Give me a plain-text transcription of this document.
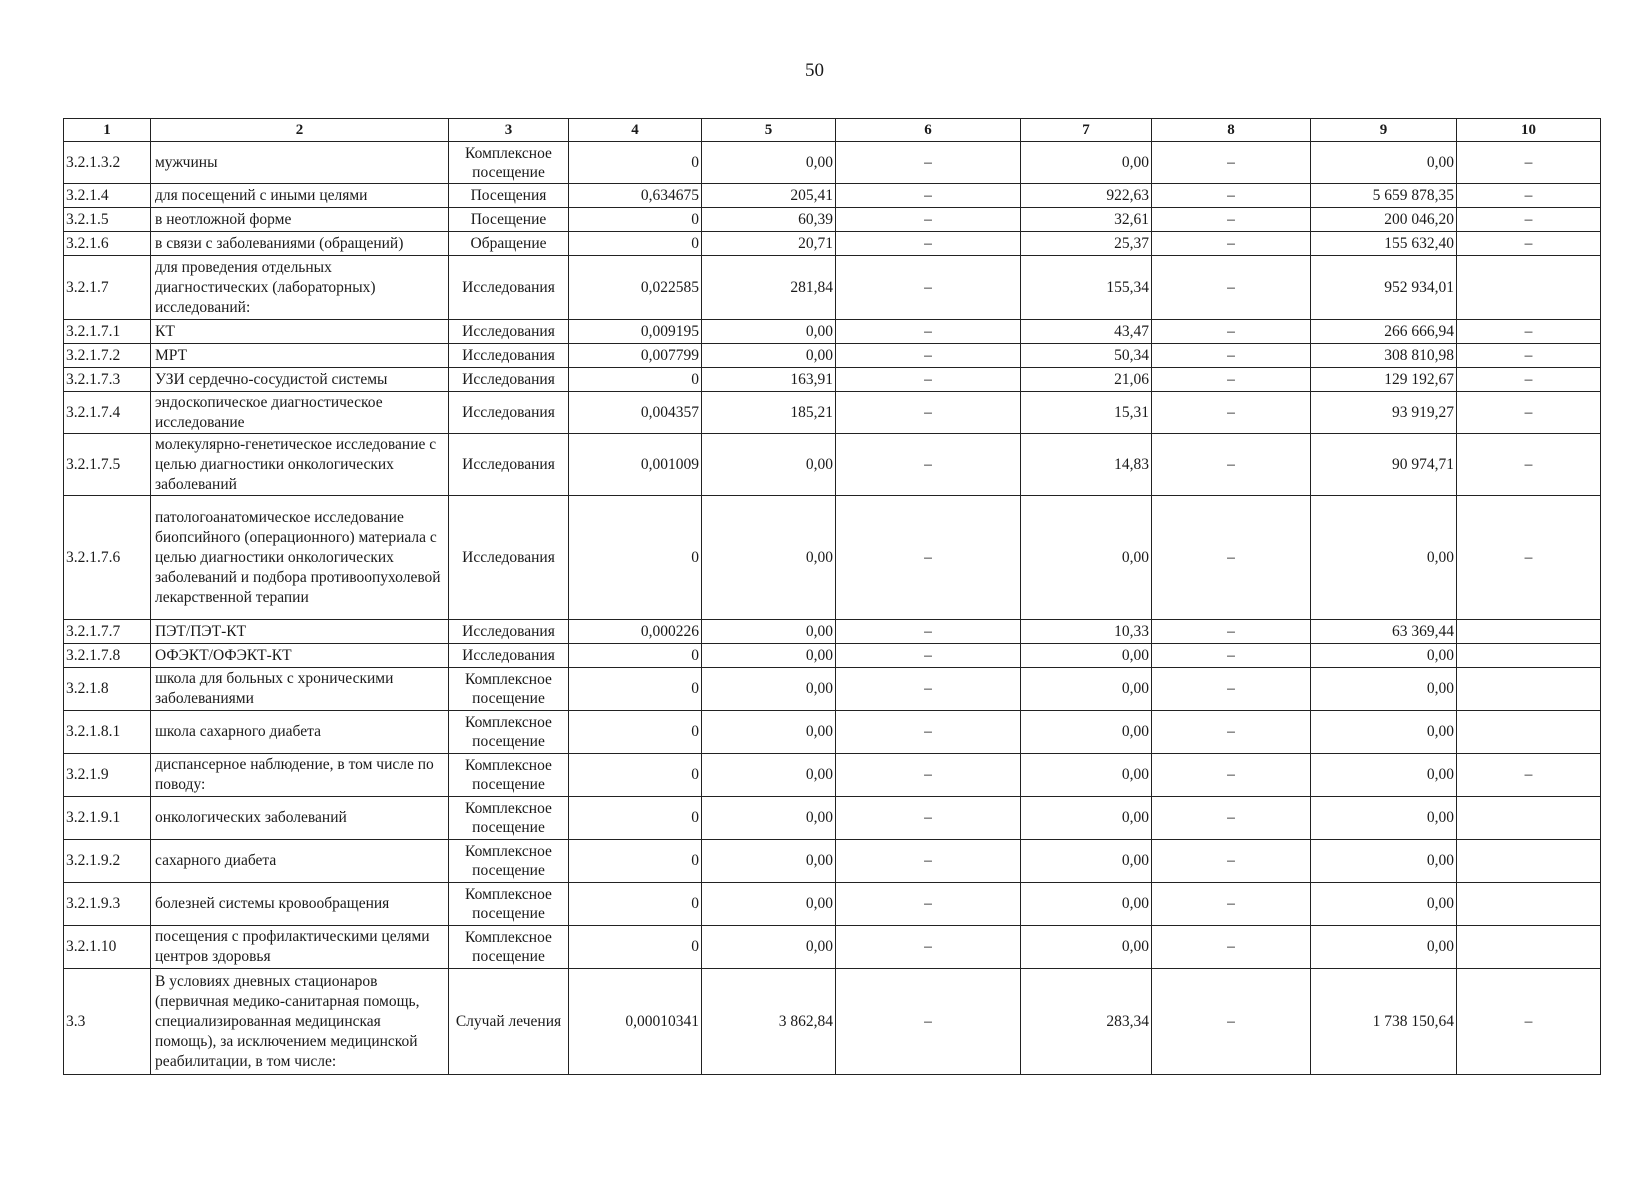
50
1	2	3	4	5	6	7	8	9	10
3.2.1.3.2	мужчины	Комплексное посещение	0	0,00	–	0,00	–	0,00	–
3.2.1.4	для посещений с иными целями	Посещения	0,634675	205,41	–	922,63	–	5 659 878,35	–
3.2.1.5	в неотложной форме	Посещение	0	60,39	–	32,61	–	200 046,20	–
3.2.1.6	в связи с заболеваниями (обращений)	Обращение	0	20,71	–	25,37	–	155 632,40	–
3.2.1.7	для проведения отдельных диагностических (лабораторных) исследований:	Исследования	0,022585	281,84	–	155,34	–	952 934,01	
3.2.1.7.1	КТ	Исследования	0,009195	0,00	–	43,47	–	266 666,94	–
3.2.1.7.2	МРТ	Исследования	0,007799	0,00	–	50,34	–	308 810,98	–
3.2.1.7.3	УЗИ сердечно-сосудистой системы	Исследования	0	163,91	–	21,06	–	129 192,67	–
3.2.1.7.4	эндоскопическое диагностическое исследование	Исследования	0,004357	185,21	–	15,31	–	93 919,27	–
3.2.1.7.5	молекулярно-генетическое исследование с целью диагностики онкологических заболеваний	Исследования	0,001009	0,00	–	14,83	–	90 974,71	–
3.2.1.7.6	патологоанатомическое исследование биопсийного (операционного) материала с целью диагностики онкологических заболеваний и подбора противоопухолевой лекарственной терапии	Исследования	0	0,00	–	0,00	–	0,00	–
3.2.1.7.7	ПЭТ/ПЭТ-КТ	Исследования	0,000226	0,00	–	10,33	–	63 369,44	
3.2.1.7.8	ОФЭКТ/ОФЭКТ-КТ	Исследования	0	0,00	–	0,00	–	0,00	
3.2.1.8	школа для больных с хроническими заболеваниями	Комплексное посещение	0	0,00	–	0,00	–	0,00	
3.2.1.8.1	школа сахарного диабета	Комплексное посещение	0	0,00	–	0,00	–	0,00	
3.2.1.9	диспансерное наблюдение, в том числе по поводу:	Комплексное посещение	0	0,00	–	0,00	–	0,00	–
3.2.1.9.1	онкологических заболеваний	Комплексное посещение	0	0,00	–	0,00	–	0,00	
3.2.1.9.2	сахарного диабета	Комплексное посещение	0	0,00	–	0,00	–	0,00	
3.2.1.9.3	болезней системы кровообращения	Комплексное посещение	0	0,00	–	0,00	–	0,00	
3.2.1.10	посещения с профилактическими целями центров здоровья	Комплексное посещение	0	0,00	–	0,00	–	0,00	
3.3	В условиях дневных стационаров (первичная медико-санитарная помощь, специализированная медицинская помощь), за исключением медицинской реабилитации, в том числе:	Случай лечения	0,00010341	3 862,84	–	283,34	–	1 738 150,64	–
